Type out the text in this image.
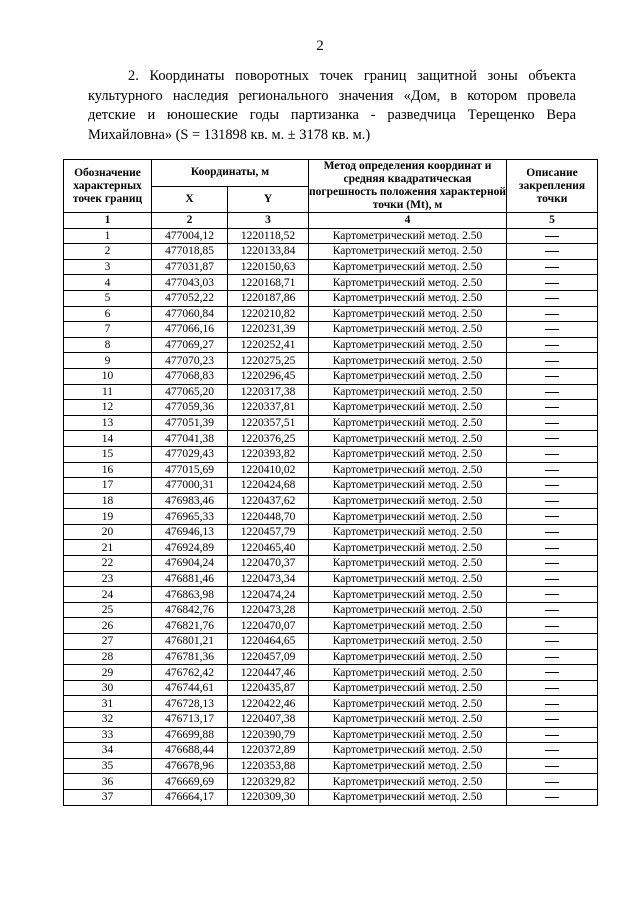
2

2. Координаты поворотных точек границ защитной зоны объекта
культурного наследия регионального значения «Дом, в котором провела детские и юношеские годы партизанка - разведчица Терещенко Вера Михайловна» (S = 131898 кв. м. ± 3178 кв. м.)

Обозначение характерных точек границ	Координаты, м		Метод определения координат и средняя квадратическая погрешность положения характерной точки (Mt), м	Описание закрепления точки
	X	Y		
1	2	3	4	5
1	477004,12	1220118,52	Картометрический метод. 2.50	
2	477018,85	1220133,84	Картометрический метод. 2.50	
3	477031,87	1220150,63	Картометрический метод. 2.50	
4	477043,03	1220168,71	Картометрический метод. 2.50	
5	477052,22	1220187,86	Картометрический метод. 2.50	
6	477060,84	1220210,82	Картометрический метод. 2.50	
7	477066,16	1220231,39	Картометрический метод. 2.50	
8	477069,27	1220252,41	Картометрический метод. 2.50	
9	477070,23	1220275,25	Картометрический метод. 2.50	
10	477068,83	1220296,45	Картометрический метод. 2.50	
11	477065,20	1220317,38	Картометрический метод. 2.50	
12	477059,36	1220337,81	Картометрический метод. 2.50	
13	477051,39	1220357,51	Картометрический метод. 2.50	
14	477041,38	1220376,25	Картометрический метод. 2.50	
15	477029,43	1220393,82	Картометрический метод. 2.50	
16	477015,69	1220410,02	Картометрический метод. 2.50	
17	477000,31	1220424,68	Картометрический метод. 2.50	
18	476983,46	1220437,62	Картометрический метод. 2.50	
19	476965,33	1220448,70	Картометрический метод. 2.50	
20	476946,13	1220457,79	Картометрический метод. 2.50	
21	476924,89	1220465,40	Картометрический метод. 2.50	
22	476904,24	1220470,37	Картометрический метод. 2.50	
23	476881,46	1220473,34	Картометрический метод. 2.50	
24	476863,98	1220474,24	Картометрический метод. 2.50	
25	476842,76	1220473,28	Картометрический метод. 2.50	
26	476821,76	1220470,07	Картометрический метод. 2.50	
27	476801,21	1220464,65	Картометрический метод. 2.50	
28	476781,36	1220457,09	Картометрический метод. 2.50	
29	476762,42	1220447,46	Картометрический метод. 2.50	
30	476744,61	1220435,87	Картометрический метод. 2.50	
31	476728,13	1220422,46	Картометрический метод. 2.50	
32	476713,17	1220407,38	Картометрический метод. 2.50	
33	476699,88	1220390,79	Картометрический метод. 2.50	
34	476688,44	1220372,89	Картометрический метод. 2.50	
35	476678,96	1220353,88	Картометрический метод. 2.50	
36	476669,69	1220329,82	Картометрический метод. 2.50	
37	476664,17	1220309,30	Картометрический метод. 2.50	
